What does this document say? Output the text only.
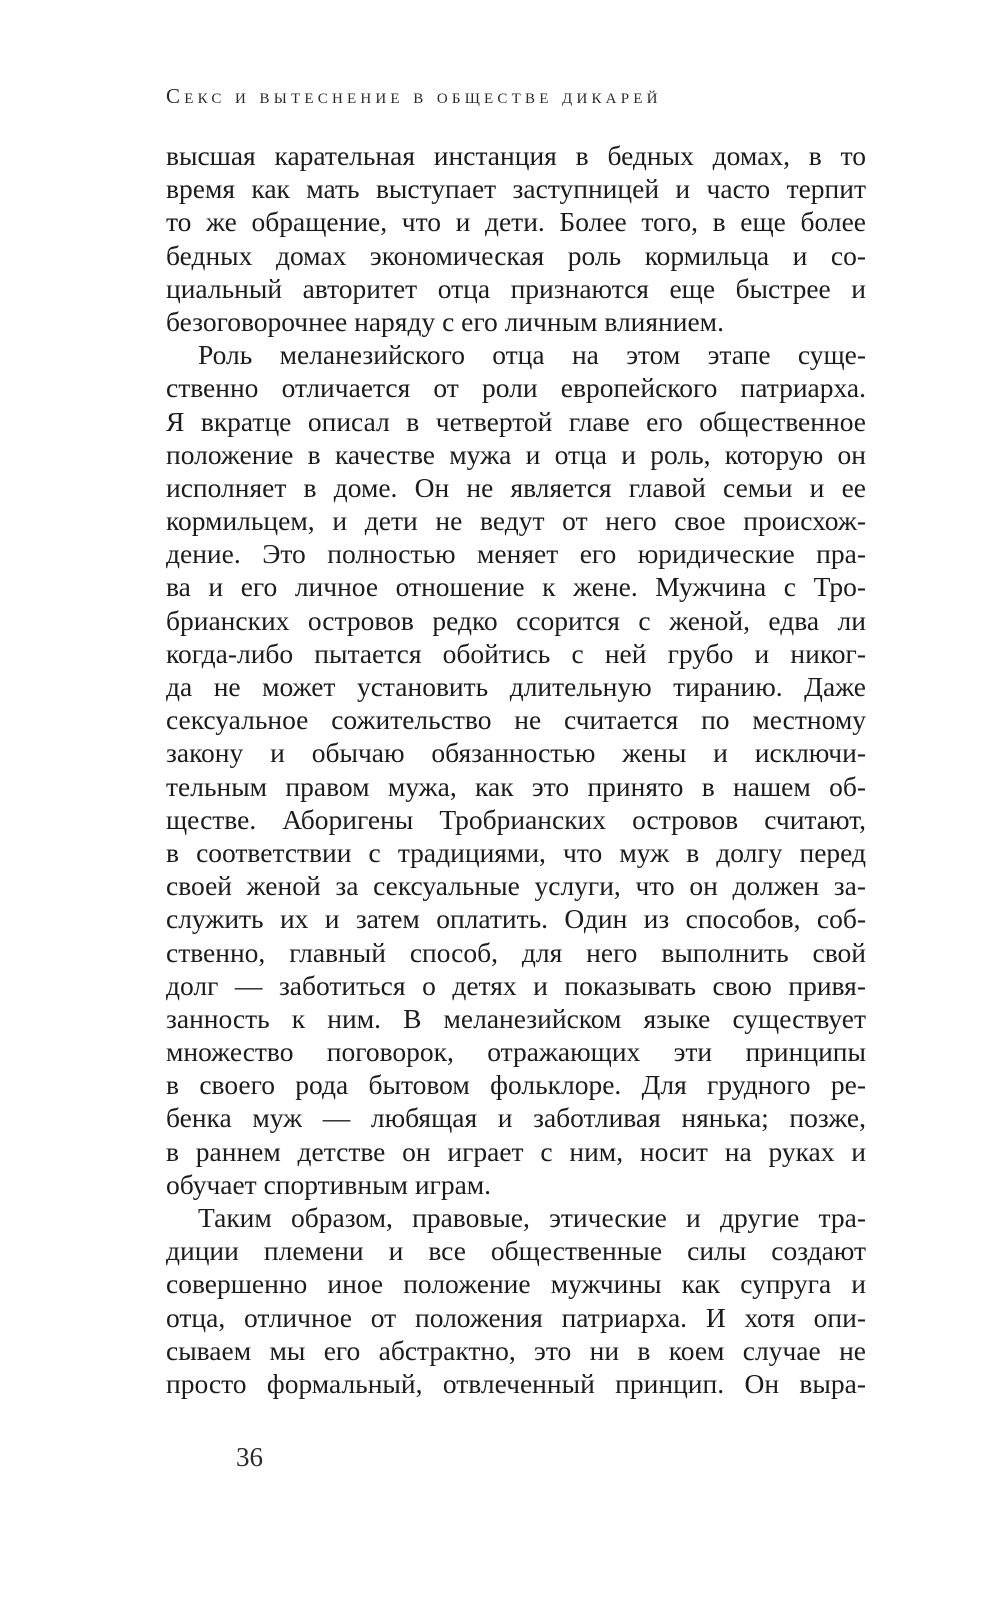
Секс и вытеснение в обществе дикарей
высшая карательная инстанция в бедных домах, в то
время как мать выступает заступницей и часто терпит
то же обращение, что и дети. Более того, в еще более
бедных домах экономическая роль кормильца и со-
циальный авторитет отца признаются еще быстрее и
безоговорочнее наряду с его личным влиянием.
Роль меланезийского отца на этом этапе суще-
ственно отличается от роли европейского патриарха.
Я вкратце описал в четвертой главе его общественное
положение в качестве мужа и отца и роль, которую он
исполняет в доме. Он не является главой семьи и ее
кормильцем, и дети не ведут от него свое происхож-
дение. Это полностью меняет его юридические пра-
ва и его личное отношение к жене. Мужчина с Тро-
брианских островов редко ссорится с женой, едва ли
когда-либо пытается обойтись с ней грубо и никог-
да не может установить длительную тиранию. Даже
сексуальное сожительство не считается по местному
закону и обычаю обязанностью жены и исключи-
тельным правом мужа, как это принято в нашем об-
ществе. Аборигены Тробрианских островов считают,
в соответствии с традициями, что муж в долгу перед
своей женой за сексуальные услуги, что он должен за-
служить их и затем оплатить. Один из способов, соб-
ственно, главный способ, для него выполнить свой
долг — заботиться о детях и показывать свою привя-
занность к ним. В меланезийском языке существует
множество поговорок, отражающих эти принципы
в своего рода бытовом фольклоре. Для грудного ре-
бенка муж — любящая и заботливая нянька; позже,
в раннем детстве он играет с ним, носит на руках и
обучает спортивным играм.
Таким образом, правовые, этические и другие тра-
диции племени и все общественные силы создают
совершенно иное положение мужчины как супруга и
отца, отличное от положения патриарха. И хотя опи-
сываем мы его абстрактно, это ни в коем случае не
просто формальный, отвлеченный принцип. Он выра-
36
